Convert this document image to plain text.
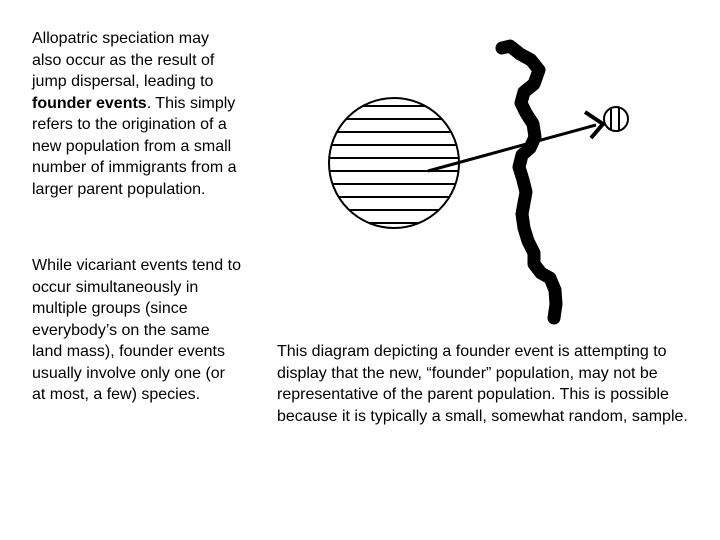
Allopatric speciation may also occur as the result of jump dispersal, leading to founder events. This simply refers to the origination of a new population from a small number of immigrants from a larger parent population.
While vicariant events tend to occur simultaneously in multiple groups (since everybody’s on the same land mass), founder events usually involve only one (or at most, a few) species.
This diagram depicting a founder event is attempting to display that the new, “founder” population, may not be representative of the parent population. This is possible because it is typically a small, somewhat random, sample.
